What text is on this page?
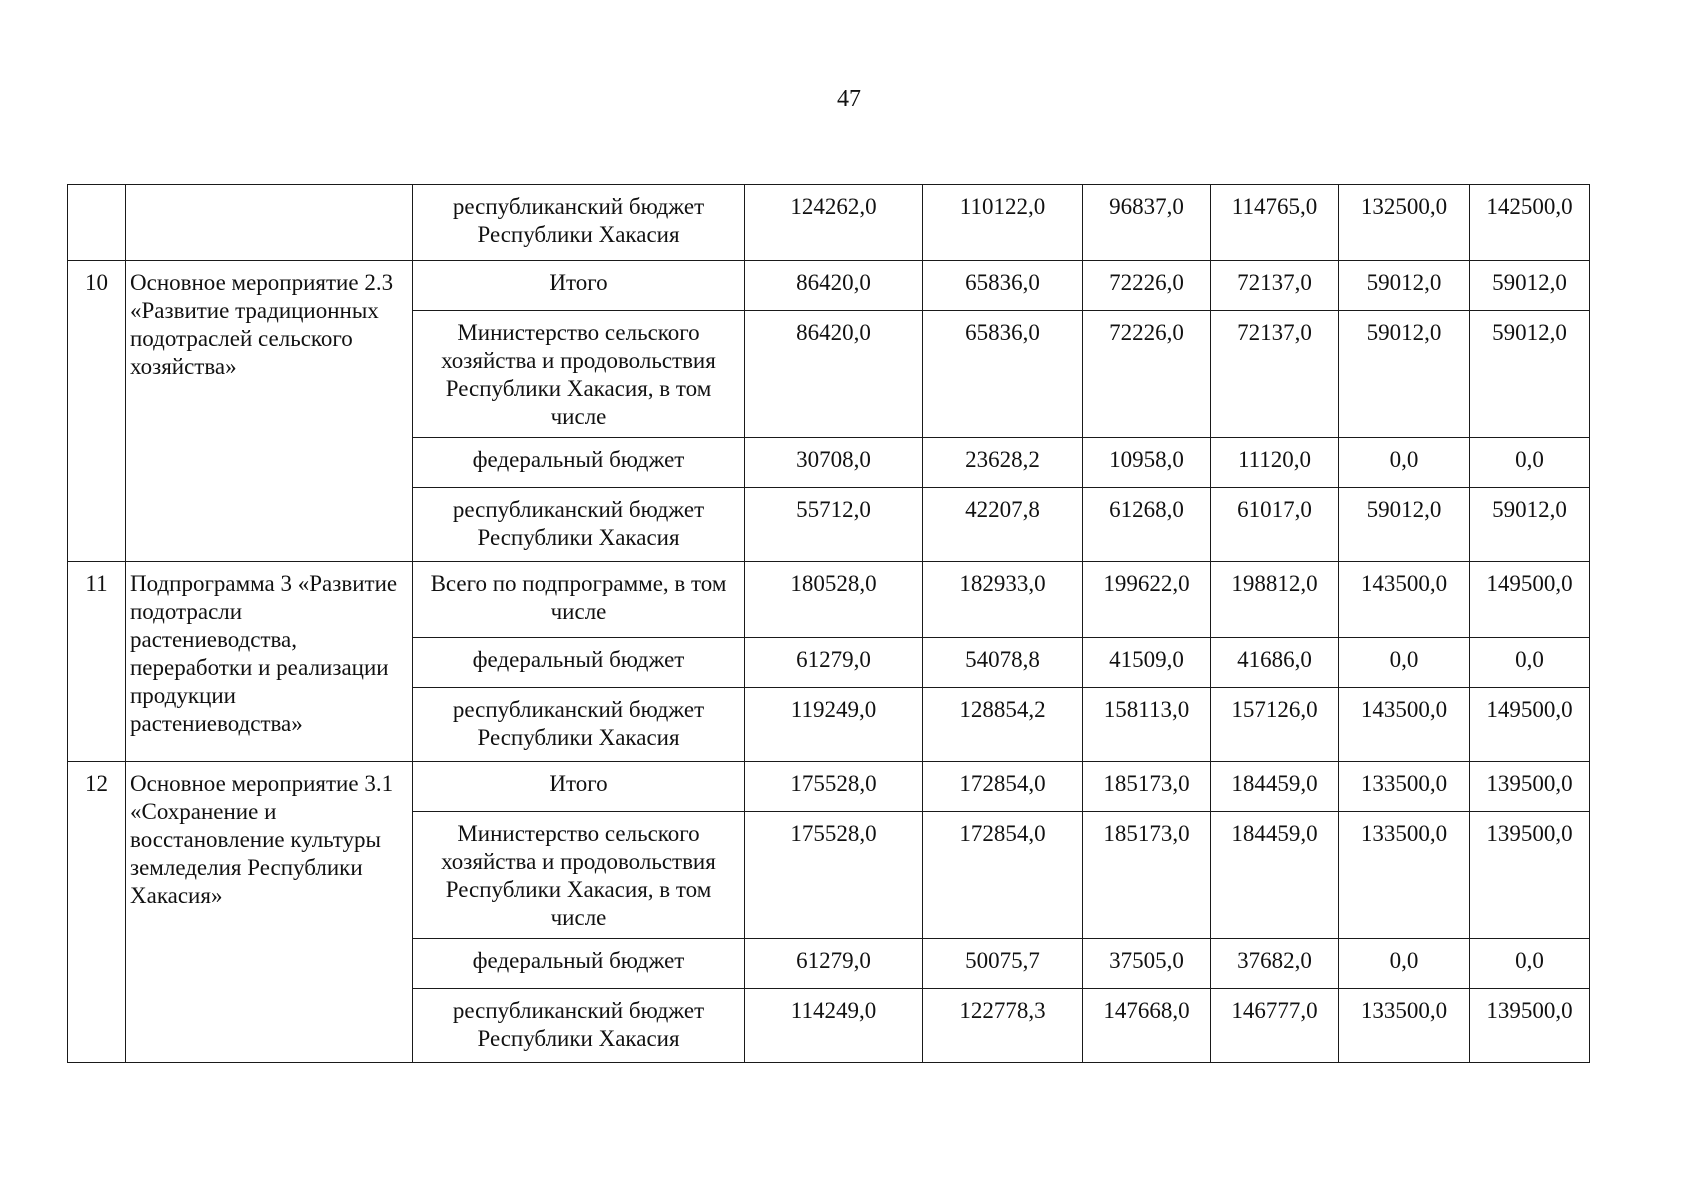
47
		республиканский бюджет Республики Хакасия	124262,0	110122,0	96837,0	114765,0	132500,0	142500,0
10	Основное мероприятие 2.3 «Развитие традиционных подотраслей сельского хозяйства»	Итого	86420,0	65836,0	72226,0	72137,0	59012,0	59012,0
		Министерство сельского хозяйства и продовольствия Республики Хакасия, в том числе	86420,0	65836,0	72226,0	72137,0	59012,0	59012,0
		федеральный бюджет	30708,0	23628,2	10958,0	11120,0	0,0	0,0
		республиканский бюджет Республики Хакасия	55712,0	42207,8	61268,0	61017,0	59012,0	59012,0
11	Подпрограмма 3 «Развитие подотрасли растениеводства, переработки и реализации продукции растениеводства»	Всего по подпрограмме, в том числе	180528,0	182933,0	199622,0	198812,0	143500,0	149500,0
		федеральный бюджет	61279,0	54078,8	41509,0	41686,0	0,0	0,0
		республиканский бюджет Республики Хакасия	119249,0	128854,2	158113,0	157126,0	143500,0	149500,0
12	Основное мероприятие 3.1 «Сохранение и восстановление культуры земледелия Республики Хакасия»	Итого	175528,0	172854,0	185173,0	184459,0	133500,0	139500,0
		Министерство сельского хозяйства и продовольствия Республики Хакасия, в том числе	175528,0	172854,0	185173,0	184459,0	133500,0	139500,0
		федеральный бюджет	61279,0	50075,7	37505,0	37682,0	0,0	0,0
		республиканский бюджет Республики Хакасия	114249,0	122778,3	147668,0	146777,0	133500,0	139500,0
